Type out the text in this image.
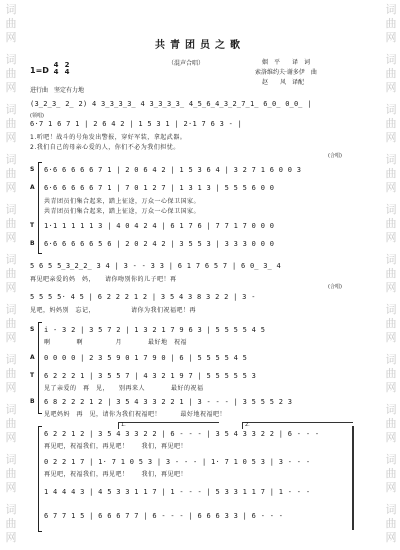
词
曲
网
词
曲
网
词
曲
网
词
曲
网
词
曲
网
词
曲
网
词
曲
网
词
曲
网
词
曲
网
词
曲
网
词
曲
网
词
曲
网
词
曲
网
词
曲
网
词
曲
网
词
曲
网
词
曲
网
词
曲
网
词
曲
网
词
曲
网
词
曲
网
词
曲
网
共青团员之歌
（混声合唱）	姻　平　　译　词
索洛维约夫·谢多伊　曲
赵　　风　译配
1=D
4
4
2
4
进行曲　坚定有力地
(3̲2̲3̲ 2̲ 2) 4 3̲3̲3̲3̲ 4 3̲3̲3̲3̲ 4̲5̲6̲4̲3̲2̲7̲1̲ 6̲0̲ 0̲0̲ |
(领唱)
6·7 1 6 7 1 | 2 6 4 2 | 1 5 3 1 | 2·1 7 6 3 - |
1.听吧！战斗的号角发出警报，穿好军装，拿起武器。
2.我们自己的母亲心爱的人，你们不必为我们担忧。
(合唱)
S 6·6 6 6 6 6 7 1 | 2 0 6 4 2 | 1 5 3 6 4 | 3 2 7 1 6 0 0 3
A 6·6 6 6 6 6 7 1 | 7 0 1 2 7 | 1 3 1 3 | 5 5 5 6 0 0
共青团员们集合起来，踏上征途，万众一心保卫国家。
共青团员们集合起来，踏上征途，万众一心保卫国家。
T 1·1 1 1 1 1 3 | 4 0 4 2 4 | 6 1 7 6 | 7 7 1 7 0 0 0
B 6·6 6 6 6 6 5 6 | 2 0 2 4 2 | 3 5 5 3 | 3 3 3 0 0 0
5 6 5 5̲3̲2̲2̲ 3 4 | 3 - - 3 3 | 6 1 7 6 5 7 | 6 0̲ 3̲ 4
再见吧亲爱的妈　妈，　　请你吻别你的儿子吧！再
(合唱)
5 5 5 5· 4 5 | 6 2 2 2 1 2 | 3 5 4 3 8 3 2 2 | 3 -
见吧，妈妈别　忘记，　　　　　　请你为我们祝福吧！再
S i - 3 2 | 3 5 7 2 | 1 3 2 1 7 9 6 3 | 5 5 5 5 4 5
啊　　　　啊　　　　　月　　　　最好地　祝福
A 0 0 0 0 | 2 3 5 9 0 1 7 9 0 | 6 | 5 5 5 5 4 5
T 6 2 2 2 1 | 3 5 5 7 | 4 3 2 1 9 7 | 5 5 5 5 5 3
见了亲爱的　再　见，　　别再来人　　　　最好的祝福
B 6 8 2 2 2 1 2 | 3 5 4 3 3 2 2 1 | 3 - - - | 3 5 5 5 2 3
见吧妈妈　再　见，请你为我们祝福吧！　　　最好地祝福吧！
1.	2.
6 2 2 1 2 | 3 5 4 3 3 2 2 | 6 - - - | 3 5 4 3 3 2 2 | 6 - - -
再见吧，祝福我们，再见吧！　　我们，再见吧！
0 2 2 1 7 | 1· 7 1 0 5 3 | 3 - - - | 1· 7 1 0 5 3 | 3 - - -
再见吧，祝福我们，再见吧！　　我们，再见吧！
1 4 4 4 3 | 4 5 3 3 1 1 7 | 1 - - - | 5 3 3 1 1 7 | 1 - - -
6 7 7 1 5 | 6 6 6 7 7 | 6 - - - | 6 6 6 3 3 | 6 - - -
